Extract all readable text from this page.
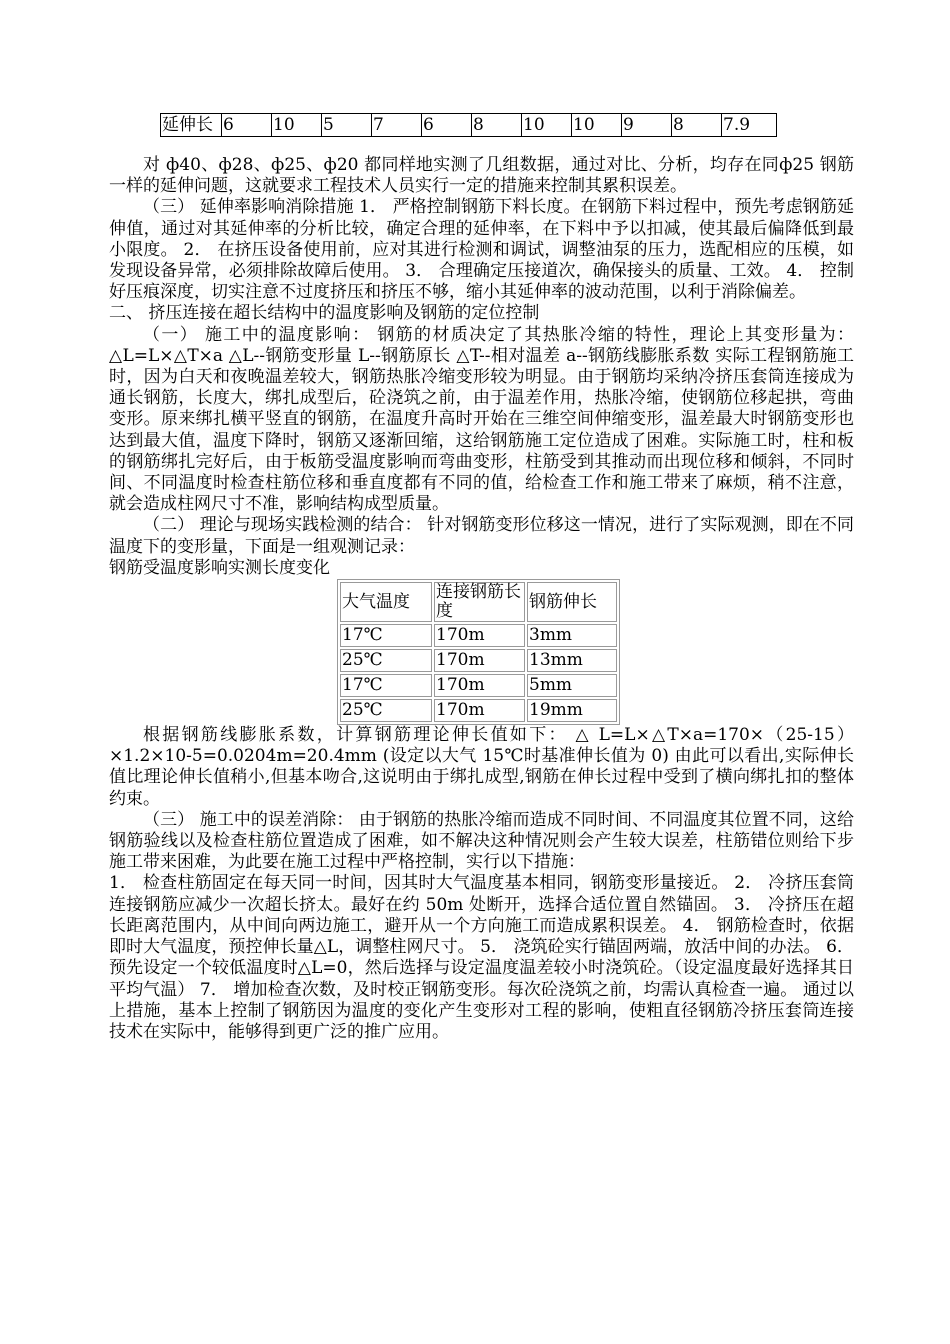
延伸长	6	10	5	7	6	8	10	10	9	8	7.9

对 ф40、ф28、ф25、ф20 都同样地实测了几组数据，通过对比、分析，均存在同ф25 钢筋一样的延伸问题，这就要求工程技术人员实行一定的措施来控制其累积误差。

（三） 延伸率影响消除措施 1． 严格控制钢筋下料长度。在钢筋下料过程中，预先考虑钢筋延伸值，通过对其延伸率的分析比较，确定合理的延伸率，在下料中予以扣减，使其最后偏降低到最小限度。 2． 在挤压设备使用前，应对其进行检测和调试，调整油泵的压力，选配相应的压模，如发现设备异常，必须排除故障后使用。 3． 合理确定压接道次，确保接头的质量、工效。 4． 控制好压痕深度，切实注意不过度挤压和挤压不够，缩小其延伸率的波动范围，以利于消除偏差。

二、 挤压连接在超长结构中的温度影响及钢筋的定位控制

（一） 施工中的温度影响： 钢筋的材质决定了其热胀冷缩的特性，理论上其变形量为： △L=L×△T×a △L--钢筋变形量 L--钢筋原长 △T--相对温差 a--钢筋线膨胀系数 实际工程钢筋施工时，因为白天和夜晚温差较大，钢筋热胀冷缩变形较为明显。由于钢筋均采纳冷挤压套筒连接成为通长钢筋，长度大，绑扎成型后，砼浇筑之前，由于温差作用，热胀冷缩，使钢筋位移起拱，弯曲变形。原来绑扎横平竖直的钢筋，在温度升高时开始在三维空间伸缩变形，温差最大时钢筋变形也达到最大值，温度下降时，钢筋又逐渐回缩，这给钢筋施工定位造成了困难。实际施工时，柱和板的钢筋绑扎完好后，由于板筋受温度影响而弯曲变形，柱筋受到其推动而出现位移和倾斜，不同时间、不同温度时检查柱筋位移和垂直度都有不同的值，给检查工作和施工带来了麻烦，稍不注意，就会造成柱网尺寸不准，影响结构成型质量。

（二） 理论与现场实践检测的结合： 针对钢筋变形位移这一情况，进行了实际观测，即在不同温度下的变形量，下面是一组观测记录：

钢筋受温度影响实测长度变化

大气温度	连接钢筋长度	钢筋伸长
17℃	170m	3mm
25℃	170m	13mm
17℃	170m	5mm
25℃	170m	19mm

根据钢筋线膨胀系数，计算钢筋理论伸长值如下： △ L=L×△T×a=170×（25-15）×1.2×10-5=0.0204m=20.4mm (设定以大气 15℃时基准伸长值为 0) 由此可以看出,实际伸长值比理论伸长值稍小,但基本吻合,这说明由于绑扎成型,钢筋在伸长过程中受到了横向绑扎扣的整体约束。

（三） 施工中的误差消除： 由于钢筋的热胀冷缩而造成不同时间、不同温度其位置不同，这给钢筋验线以及检查柱筋位置造成了困难，如不解决这种情况则会产生较大误差，柱筋错位则给下步施工带来困难，为此要在施工过程中严格控制，实行以下措施：

1． 检查柱筋固定在每天同一时间，因其时大气温度基本相同，钢筋变形量接近。 2． 冷挤压套筒连接钢筋应减少一次超长挤太。最好在约 50m 处断开，选择合适位置自然锚固。 3． 冷挤压在超长距离范围内，从中间向两边施工，避开从一个方向施工而造成累积误差。 4． 钢筋检查时，依据即时大气温度，预控伸长量△L，调整柱网尺寸。 5． 浇筑砼实行锚固两端，放活中间的办法。 6． 预先设定一个较低温度时△L=0，然后选择与设定温度温差较小时浇筑砼。（设定温度最好选择其日平均气温） 7． 增加检查次数，及时校正钢筋变形。每次砼浇筑之前，均需认真检查一遍。 通过以上措施，基本上控制了钢筋因为温度的变化产生变形对工程的影响，使粗直径钢筋冷挤压套筒连接技术在实际中，能够得到更广泛的推广应用。
